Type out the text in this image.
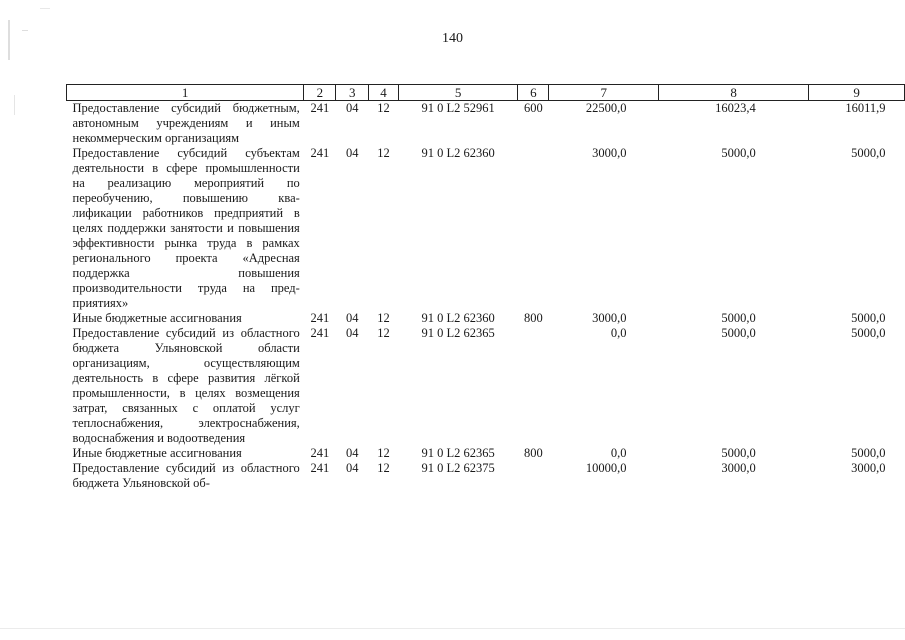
140
1	2	3	4	5	6	7	8	9
Предоставление субсидий бюджетным, автономным учреждениям и иным некоммерческим организациям	241	04	12	91 0 L2 52961	600	22500,0	16023,4	16011,9
Предоставление субсидий субъектам деятельности в сфере промышленности на реализацию мероприятий по переобучению, повышению квалификации работников предприятий в целях поддержки занятости и повышения эффективности рынка труда в рамках регионального проекта «Адресная поддержка повышения производительности труда на предприятиях»	241	04	12	91 0 L2 62360		3000,0	5000,0	5000,0
Иные бюджетные ассигнования	241	04	12	91 0 L2 62360	800	3000,0	5000,0	5000,0
Предоставление субсидий из областного бюджета Ульяновской области организациям, осуществляющим деятельность в сфере развития лёгкой промышленности, в целях возмещения затрат, связанных с оплатой услуг теплоснабжения, электроснабжения, водоснабжения и водоотведения	241	04	12	91 0 L2 62365		0,0	5000,0	5000,0
Иные бюджетные ассигнования	241	04	12	91 0 L2 62365	800	0,0	5000,0	5000,0
Предоставление субсидий из областного бюджета Ульяновской об-	241	04	12	91 0 L2 62375		10000,0	3000,0	3000,0
